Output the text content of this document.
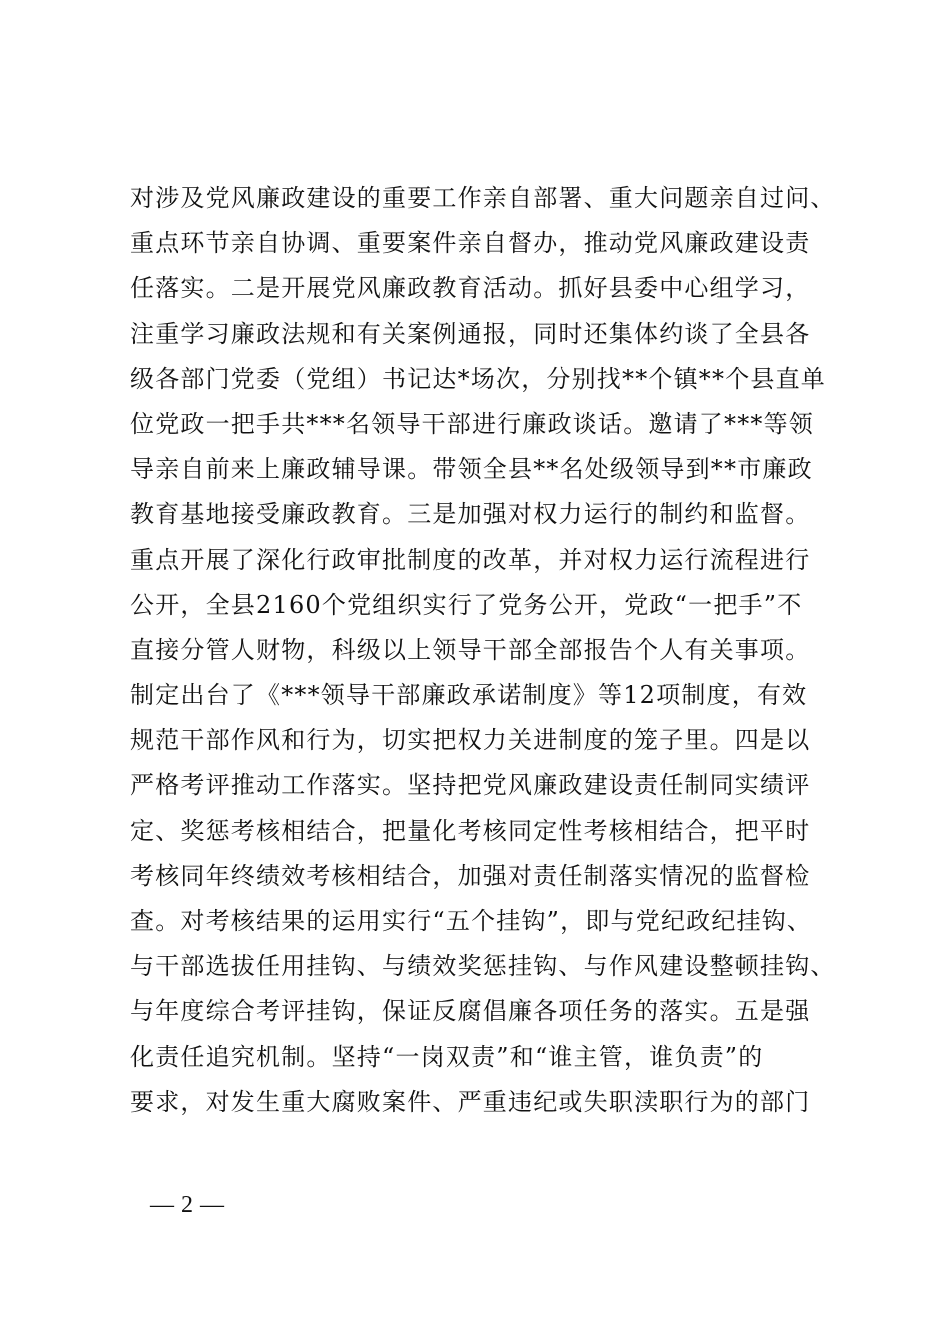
对涉及党风廉政建设的重要工作亲自部署、重大问题亲自过问、
重点环节亲自协调、重要案件亲自督办，推动党风廉政建设责
任落实。二是开展党风廉政教育活动。抓好县委中心组学习，
注重学习廉政法规和有关案例通报，同时还集体约谈了全县各
级各部门党委（党组）书记达*场次，分别找**个镇**个县直单
位党政一把手共***名领导干部进行廉政谈话。邀请了***等领
导亲自前来上廉政辅导课。带领全县**名处级领导到**市廉政
教育基地接受廉政教育。三是加强对权力运行的制约和监督。
重点开展了深化行政审批制度的改革，并对权力运行流程进行
公开，全县2160个党组织实行了党务公开，党政“一把手”不
直接分管人财物，科级以上领导干部全部报告个人有关事项。
制定出台了《***领导干部廉政承诺制度》等12项制度，有效
规范干部作风和行为，切实把权力关进制度的笼子里。四是以
严格考评推动工作落实。坚持把党风廉政建设责任制同实绩评
定、奖惩考核相结合，把量化考核同定性考核相结合，把平时
考核同年终绩效考核相结合，加强对责任制落实情况的监督检
查。对考核结果的运用实行“五个挂钩”，即与党纪政纪挂钩、
与干部选拔任用挂钩、与绩效奖惩挂钩、与作风建设整顿挂钩、
与年度综合考评挂钩，保证反腐倡廉各项任务的落实。五是强
化责任追究机制。坚持“一岗双责”和“谁主管，谁负责”的
要求，对发生重大腐败案件、严重违纪或失职渎职行为的部门
— 2 —
